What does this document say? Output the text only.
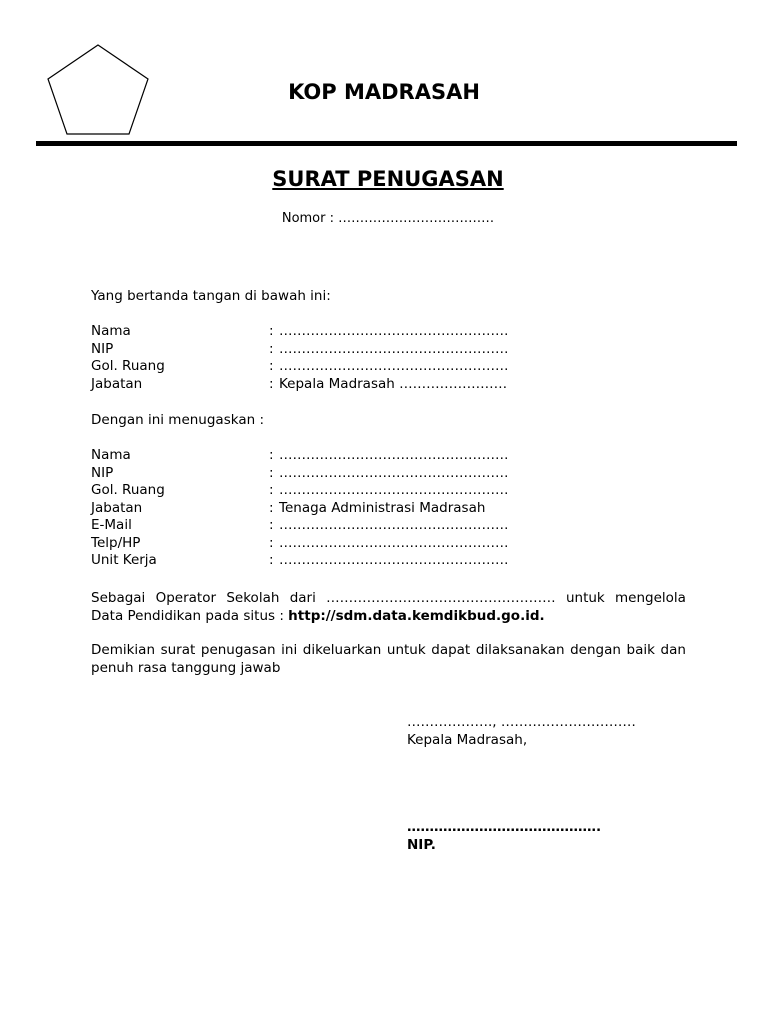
KOP MADRASAH
SURAT PENUGASAN
Nomor : ………………………………
Yang bertanda tangan di bawah ini:
Nama	: ……………………………………………
NIP	: ……………………………………………
Gol. Ruang	: ……………………………………………
Jabatan	: Kepala Madrasah ……………………
Dengan ini menugaskan :
Nama	: ……………………………………………
NIP	: ……………………………………………
Gol. Ruang	: ……………………………………………
Jabatan	: Tenaga Administrasi Madrasah
E-Mail	: ……………………………………………
Telp/HP	: ……………………………………………
Unit Kerja	: ……………………………………………
Sebagai Operator Sekolah dari …………………………………………… untuk mengelola
Data Pendidikan pada situs : http://sdm.data.kemdikbud.go.id.
Demikian surat penugasan ini dikeluarkan untuk dapat dilaksanakan dengan baik dan
penuh rasa tanggung jawab
………………., …………………………
Kepala Madrasah,
…………………………………….
NIP.
